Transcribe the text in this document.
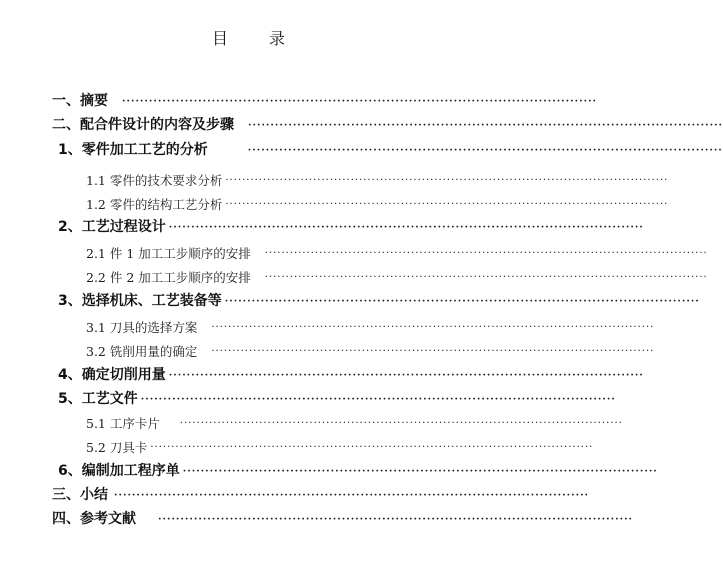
目 录
一、摘要 ··········································································································
二、配合件设计的内容及步骤 ··········································································································
1、零件加工工艺的分析	··········································································································
1.1 零件的技术要求分析 ··········································································································
1.2 零件的结构工艺分析 ··········································································································
2、工艺过程设计 ··········································································································
2.1 件 1 加工工步顺序的安排 ··········································································································
2.2 件 2 加工工步顺序的安排 ··········································································································
3、选择机床、工艺装备等 ··········································································································
3.1 刀具的选择方案 ··········································································································
3.2 铣削用量的确定 ··········································································································
4、确定切削用量 ··········································································································
5、工艺文件 ··········································································································
5.1 工序卡片 ··········································································································
5.2 刀具卡 ··········································································································
6、编制加工程序单 ··········································································································
三、小结 ··········································································································
四、参考文献 ··········································································································
